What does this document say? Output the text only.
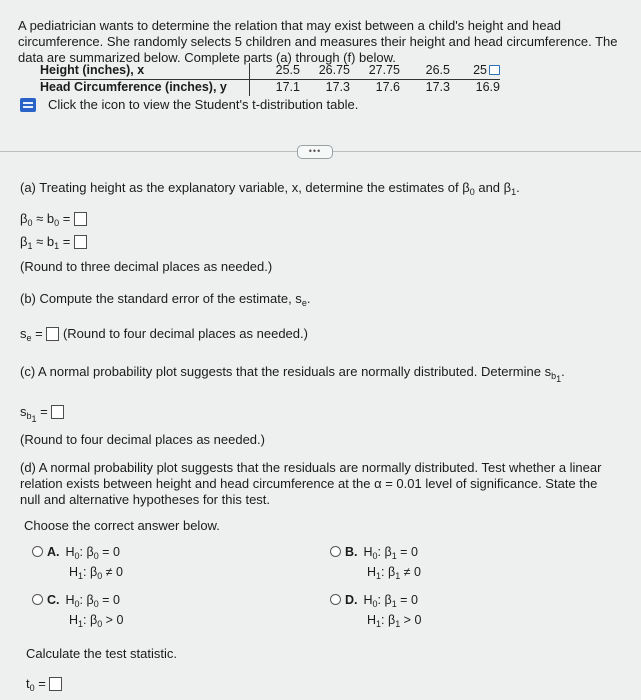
A pediatrician wants to determine the relation that may exist between a child's height and head circumference. She randomly selects 5 children and measures their height and head circumference. The data are summarized below. Complete parts (a) through (f) below.
Height (inches), x	25.5	26.75	27.75	26.5	25
Head Circumference (inches), y	17.1	17.3	17.6	17.3	16.9
Click the icon to view the Student's t-distribution table.
•••
(a) Treating height as the explanatory variable, x, determine the estimates of $\beta_0$ and $\beta_1$.
$\beta_0 \approx b_0$ =
$\beta_1 \approx b_1$ =
(Round to three decimal places as needed.)
(b) Compute the standard error of the estimate, $s_e$.
$s_e$ =  (Round to four decimal places as needed.)
(c) A normal probability plot suggests that the residuals are normally distributed. Determine $s_{b_1}$.
$s_{b_1}$ =
(Round to four decimal places as needed.)
(d) A normal probability plot suggests that the residuals are normally distributed. Test whether a linear relation exists between height and head circumference at the α = 0.01 level of significance. State the null and alternative hypotheses for this test.
Choose the correct answer below.
A. $H_0$: $\beta_0 = 0$
$H_1$: $\beta_0 \ne 0$
B. $H_0$: $\beta_1 = 0$
$H_1$: $\beta_1 \ne 0$
C. $H_0$: $\beta_0 = 0$
$H_1$: $\beta_0 > 0$
D. $H_0$: $\beta_1 = 0$
$H_1$: $\beta_1 > 0$
Calculate the test statistic.
$t_0$ =
